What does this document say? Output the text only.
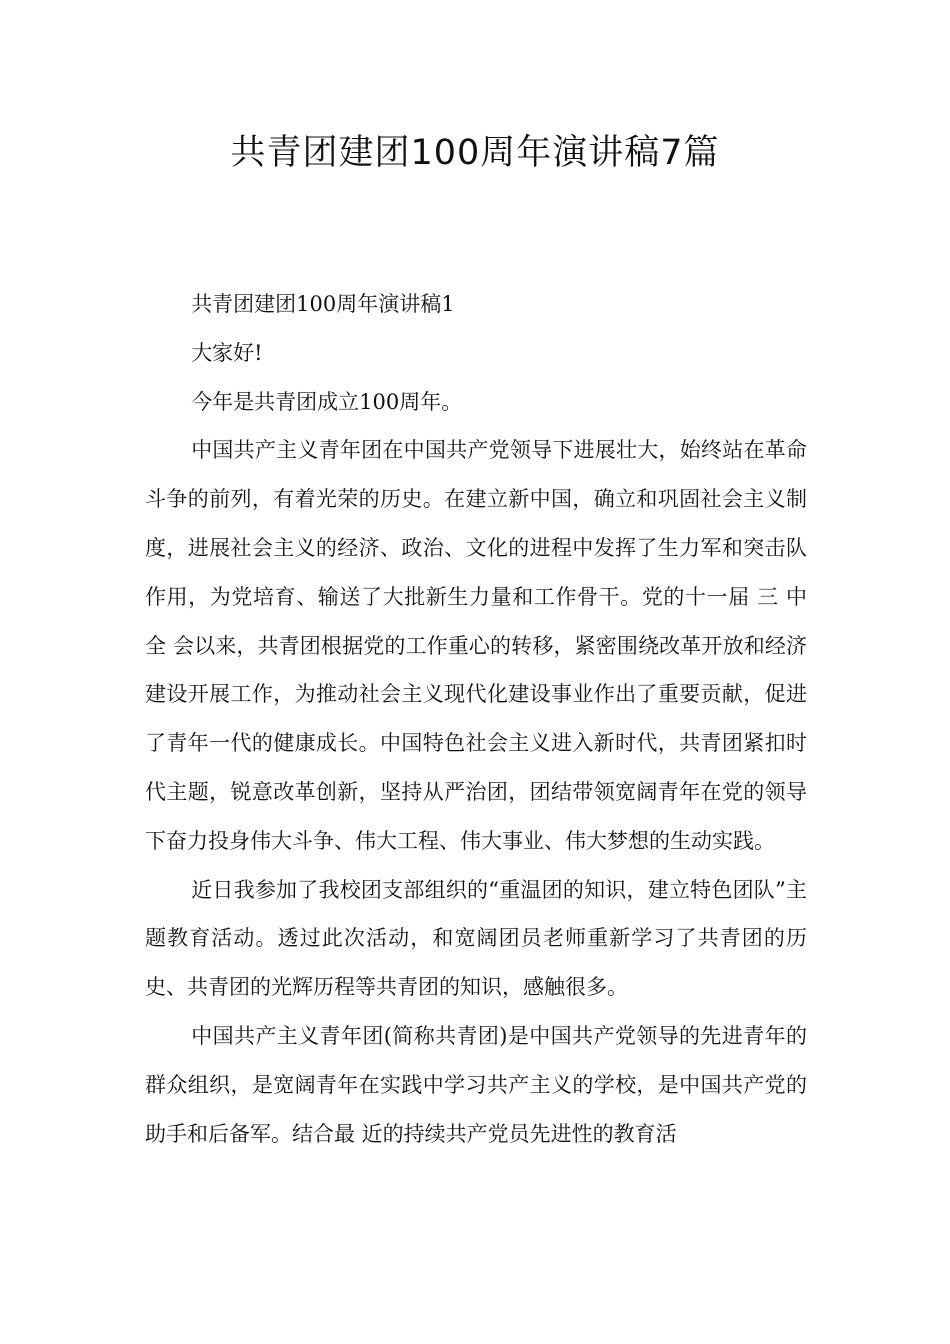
共青团建团100周年演讲稿7篇

共青团建团100周年演讲稿1

大家好!

今年是共青团成立100周年。

中国共产主义青年团在中国共产党领导下进展壮大，始终站在革命斗争的前列，有着光荣的历史。在建立新中国，确立和巩固社会主义制度，进展社会主义的经济、政治、文化的进程中发挥了生力军和突击队作用，为党培育、输送了大批新生力量和工作骨干。党的十一届 三 中 全 会以来，共青团根据党的工作重心的转移，紧密围绕改革开放和经济建设开展工作，为推动社会主义现代化建设事业作出了重要贡献，促进了青年一代的健康成长。中国特色社会主义进入新时代，共青团紧扣时代主题，锐意改革创新，坚持从严治团，团结带领宽阔青年在党的领导下奋力投身伟大斗争、伟大工程、伟大事业、伟大梦想的生动实践。

近日我参加了我校团支部组织的“重温团的知识，建立特色团队”主题教育活动。透过此次活动，和宽阔团员老师重新学习了共青团的历史、共青团的光辉历程等共青团的知识，感触很多。

中国共产主义青年团(简称共青团)是中国共产党领导的先进青年的群众组织，是宽阔青年在实践中学习共产主义的学校，是中国共产党的助手和后备军。结合最 近的持续共产党员先进性的教育活
